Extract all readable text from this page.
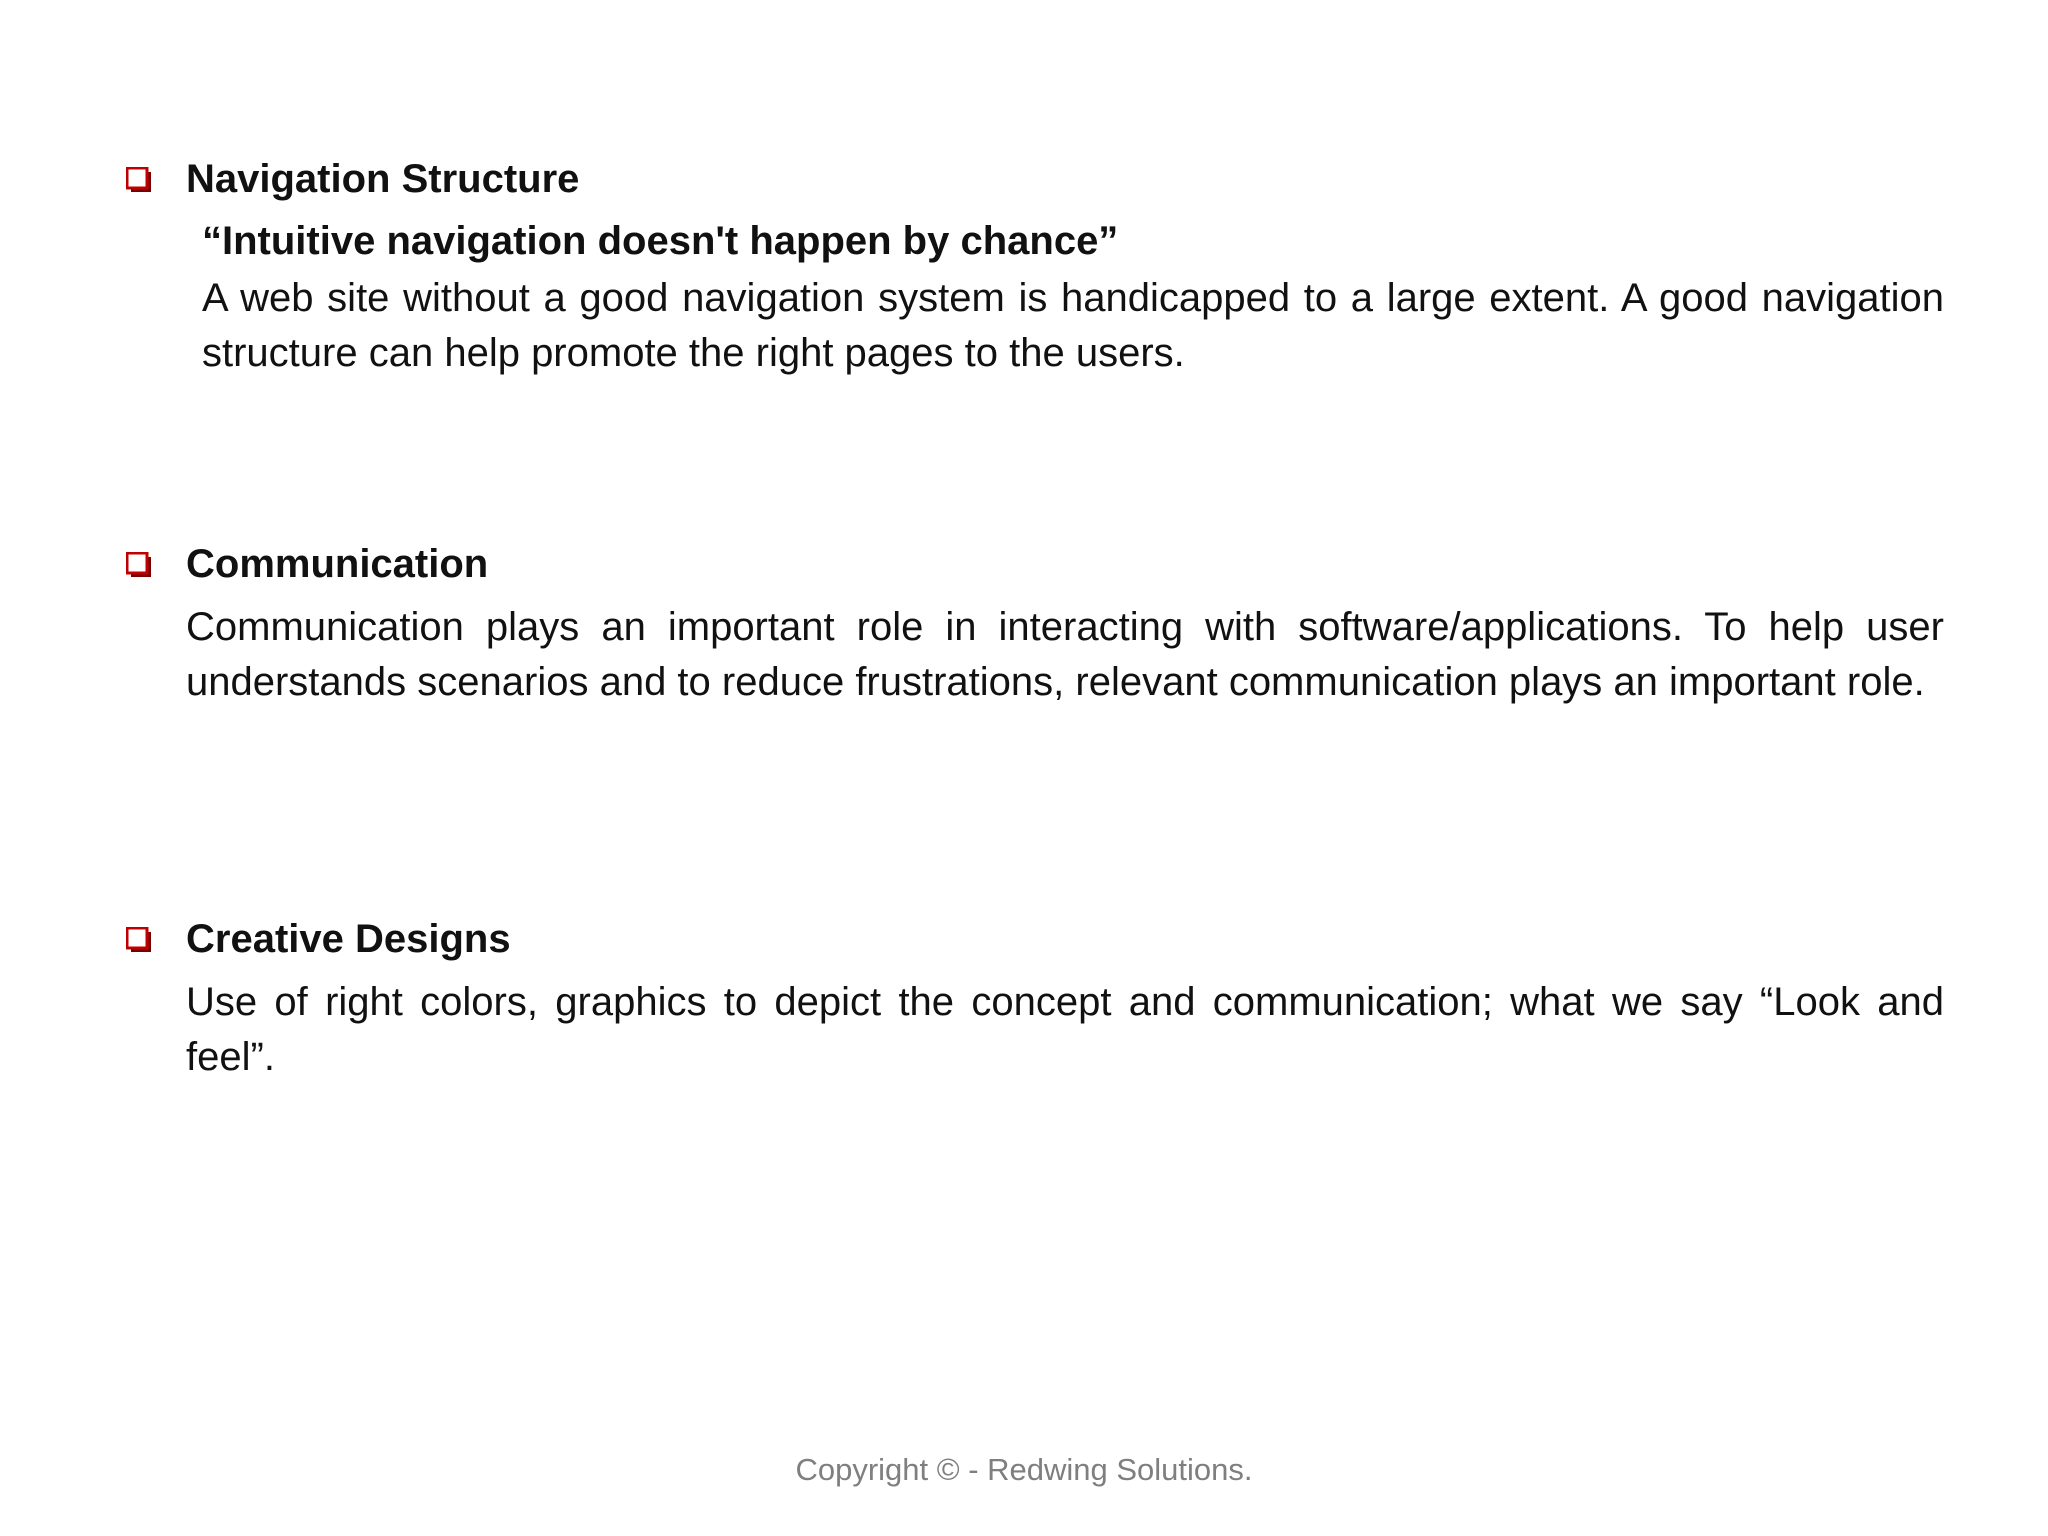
Navigation Structure
“Intuitive navigation doesn't happen by chance”
A web site without a good navigation system is handicapped to a large extent. A good navigation structure can help promote the right pages to the users.
Communication
Communication plays an important role in interacting with software/applications. To help user understands scenarios and to reduce frustrations, relevant communication plays an important role.
Creative Designs
Use of right colors, graphics to depict the concept and communication; what we say “Look and feel”.
Copyright © - Redwing Solutions.
